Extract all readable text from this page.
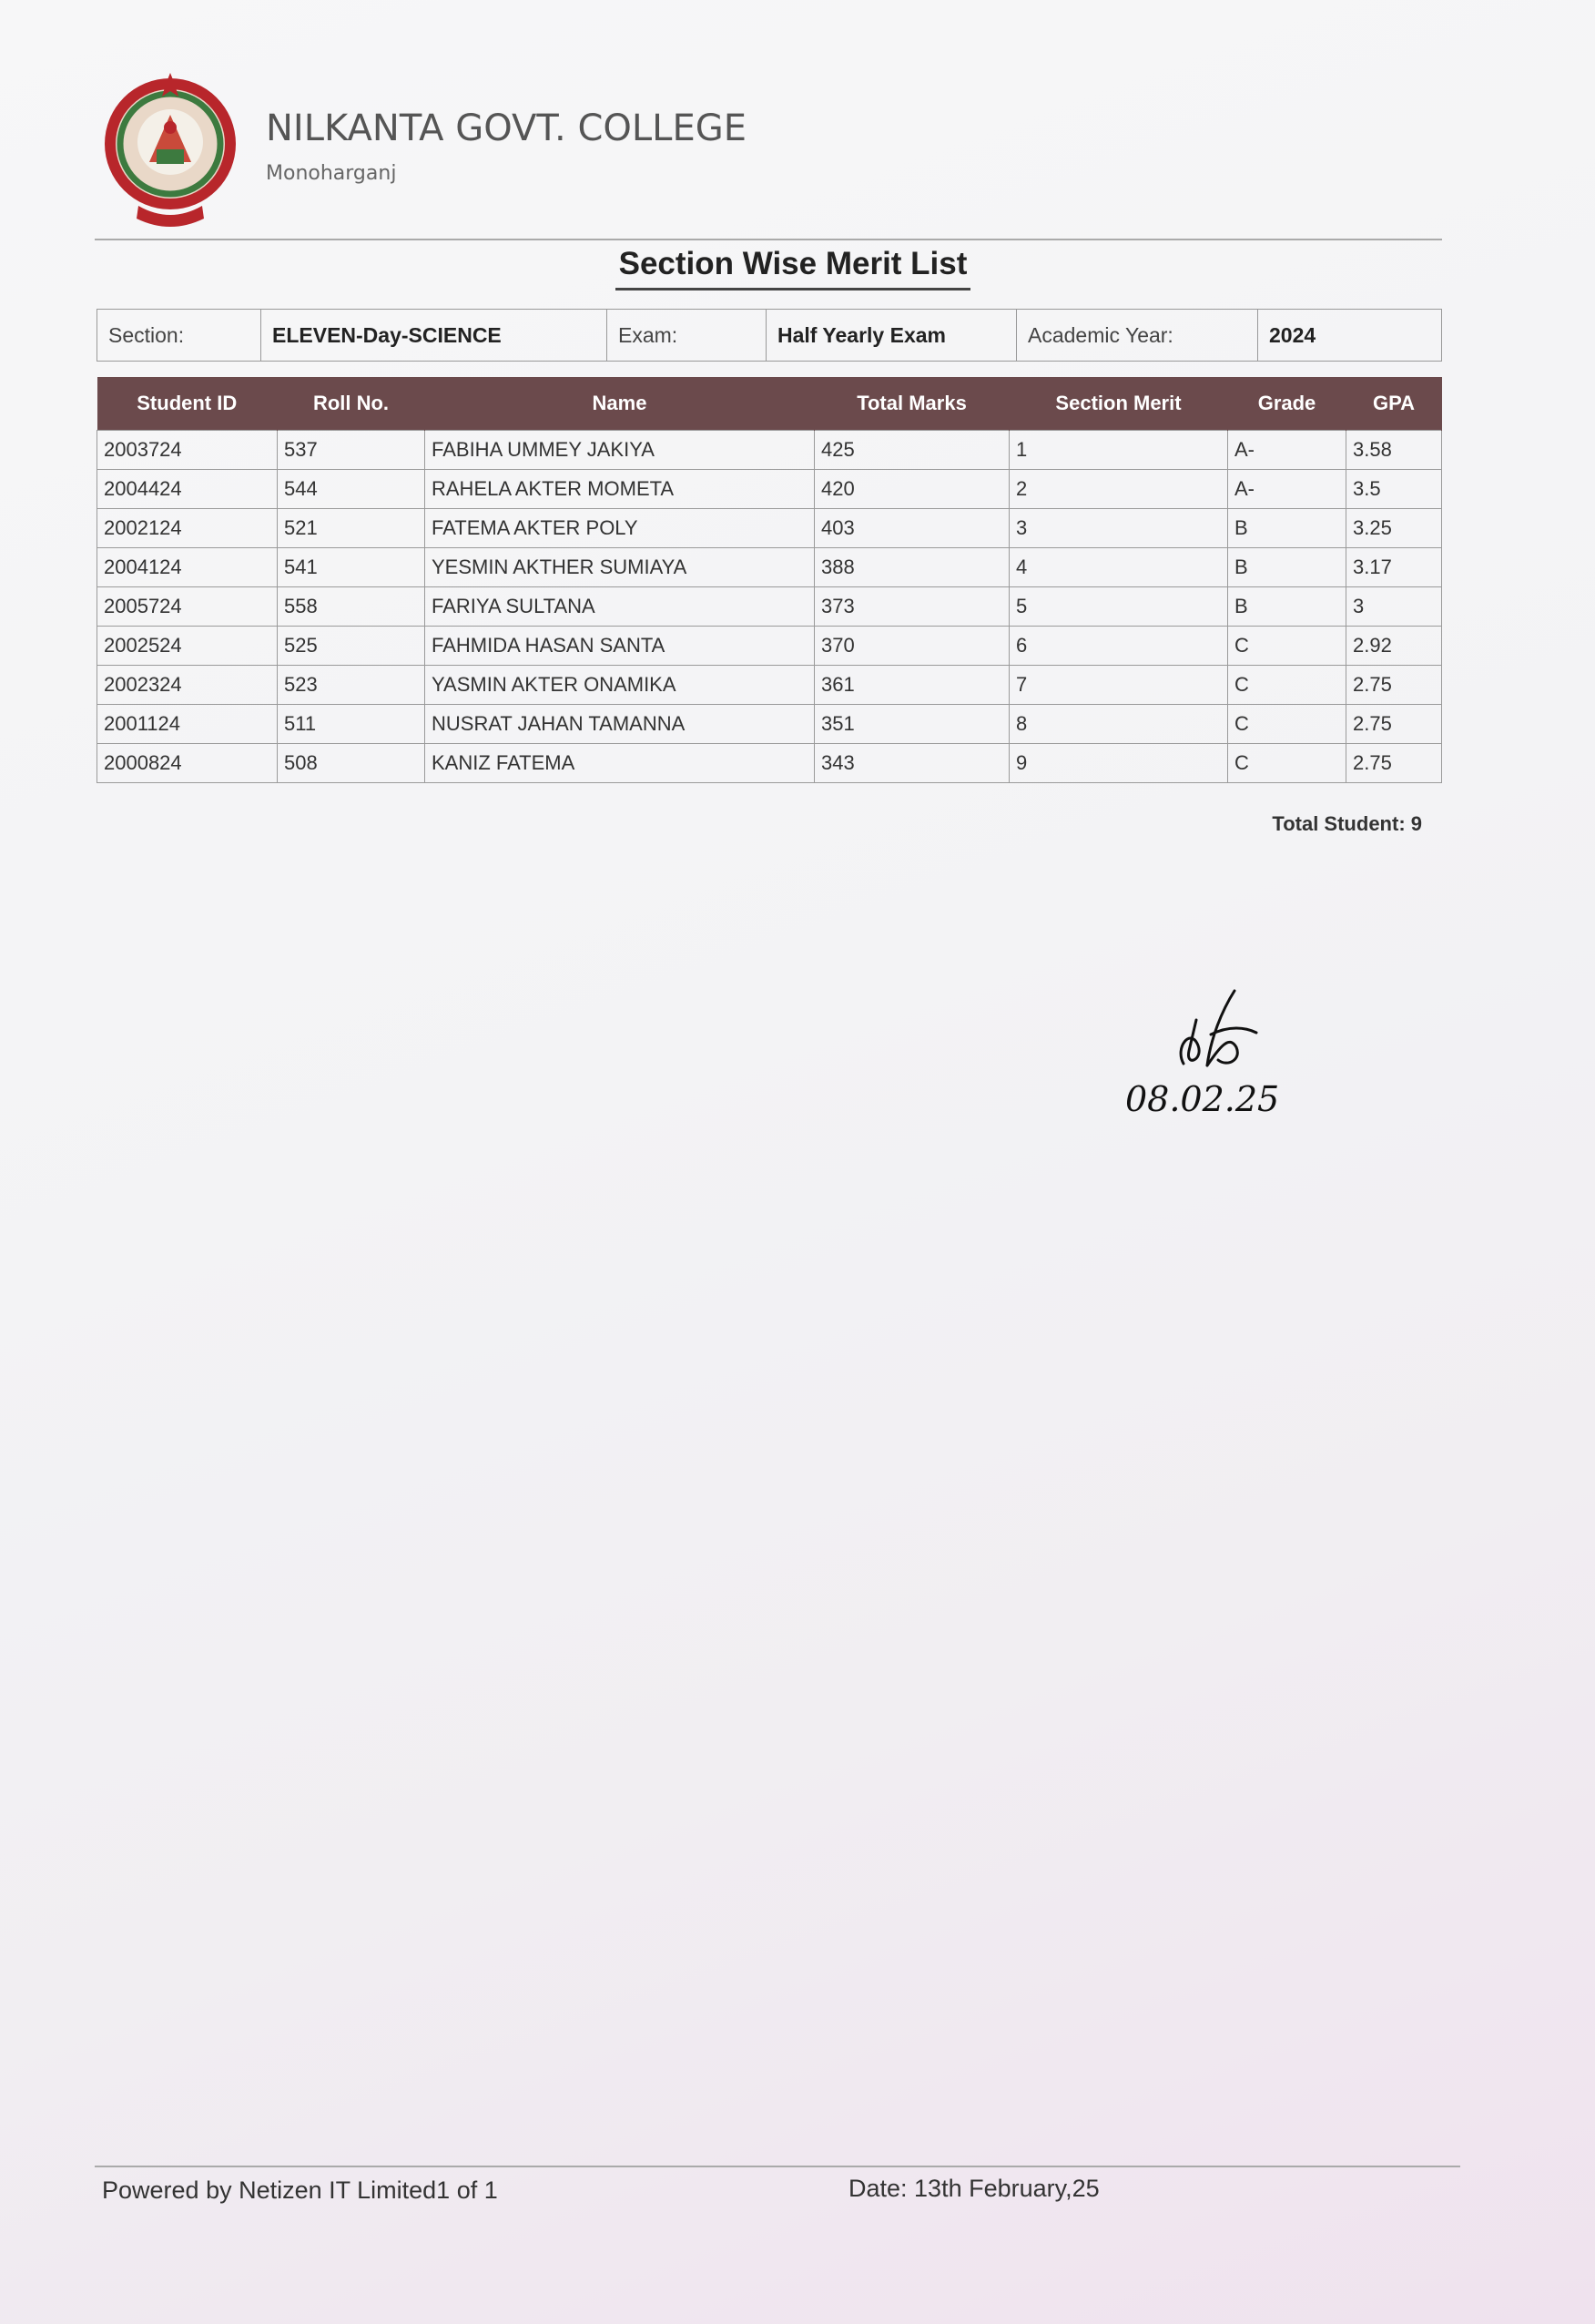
NILKANTA GOVT. COLLEGE
Monoharganj
Section Wise Merit List
Section:	ELEVEN-Day-SCIENCE	Exam:	Half Yearly Exam	Academic Year:	2024
Student ID	Roll No.	Name	Total Marks	Section Merit	Grade	GPA
2003724	537	FABIHA UMMEY JAKIYA	425	1	A-	3.58
2004424	544	RAHELA AKTER MOMETA	420	2	A-	3.5
2002124	521	FATEMA AKTER POLY	403	3	B	3.25
2004124	541	YESMIN AKTHER SUMIAYA	388	4	B	3.17
2005724	558	FARIYA SULTANA	373	5	B	3
2002524	525	FAHMIDA HASAN SANTA	370	6	C	2.92
2002324	523	YASMIN AKTER ONAMIKA	361	7	C	2.75
2001124	511	NUSRAT JAHAN TAMANNA	351	8	C	2.75
2000824	508	KANIZ FATEMA	343	9	C	2.75
Total Student: 9
08.02.25
Powered by Netizen IT Limited1 of 1	Date: 13th February,25
